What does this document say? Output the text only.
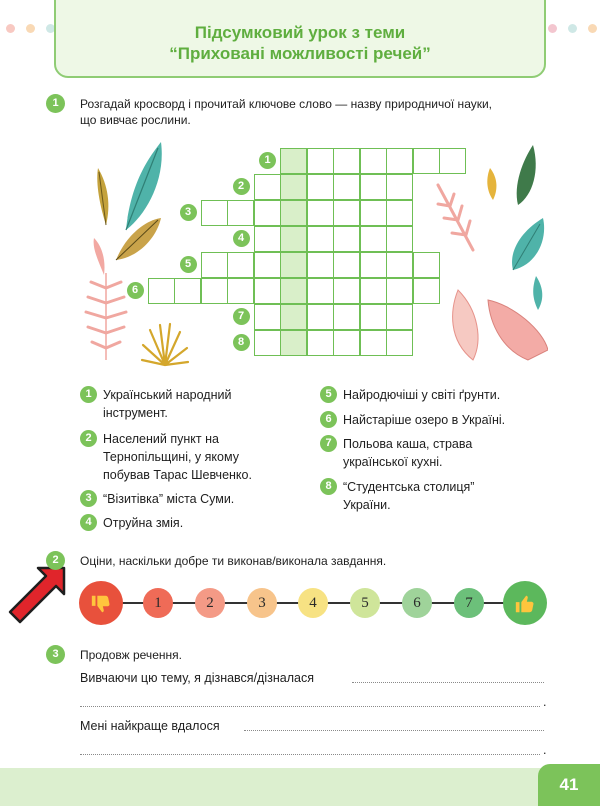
Підсумковий урок з теми
“Приховані можливості речей”
1	Розгадай кросворд і прочитай ключове слово — назву природничої науки,
що вивчає рослини.
1
2
3
4
5
6
7
8
1 Український народний
інструмент.
2 Населений пункт на
Тернопільщині, у якому
побував Тарас Шевченко.
3 “Візитівка” міста Суми.
4 Отруйна змія.
5 Найродючіші у світі ґрунти.
6 Найстаріше озеро в Україні.
7 Польова каша, страва
української кухні.
8 “Студентська столиця”
України.
2	Оціни, наскільки добре ти виконав/виконала завдання.
1	2	3	4	5	6	7
3	Продовж речення.
Вивчаючи цю тему, я дізнався/дізналася
.
Мені найкраще вдалося
.
41
